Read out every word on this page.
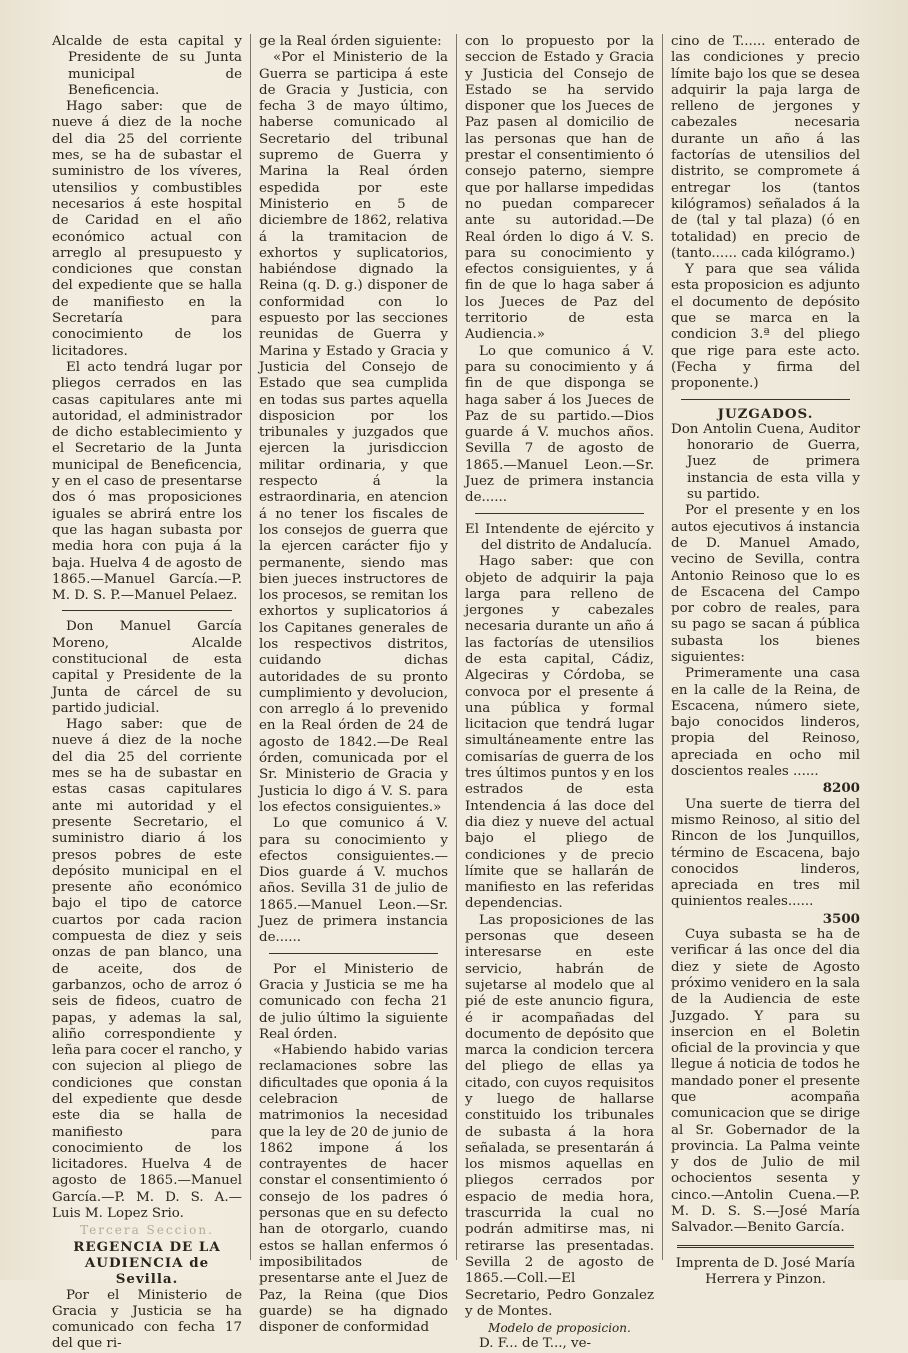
Alcalde de esta capital y Presidente de su Junta municipal de Beneficencia.

Hago saber: que de nueve á diez de la noche del dia 25 del corriente mes, se ha de subastar el suministro de los víveres, utensilios y combustibles necesarios á este hospital de Caridad en el año económico actual con arreglo al presupuesto y condiciones que constan del expediente que se halla de manifiesto en la Secretaría para conocimiento de los licitadores.

El acto tendrá lugar por pliegos cerrados en las casas capitulares ante mi autoridad, el administrador de dicho establecimiento y el Secretario de la Junta municipal de Beneficencia, y en el caso de presentarse dos ó mas proposiciones iguales se abrirá entre los que las hagan subasta por media hora con puja á la baja. Huelva 4 de agosto de 1865.—Manuel García.—P. M. D. S. P.—Manuel Pelaez.

Don Manuel García Moreno, Alcalde constitucional de esta capital y Presidente de la Junta de cárcel de su partido judicial.

Hago saber: que de nueve á diez de la noche del dia 25 del corriente mes se ha de subastar en estas casas capitulares ante mi autoridad y el presente Secretario, el suministro diario á los presos pobres de este depósito municipal en el presente año económico bajo el tipo de catorce cuartos por cada racion compuesta de diez y seis onzas de pan blanco, una de aceite, dos de garbanzos, ocho de arroz ó seis de fideos, cuatro de papas, y ademas la sal, aliño correspondiente y leña para cocer el rancho, y con sujecion al pliego de condiciones que constan del expediente que desde este dia se halla de manifiesto para conocimiento de los licitadores. Huelva 4 de agosto de 1865.—Manuel García.—P. M. D. S. A.—Luis M. Lopez Srio.

Tercera Seccion.

REGENCIA DE LA AUDIENCIA de Sevilla.

Por el Ministerio de Gracia y Justicia se ha comunicado con fecha 17 del que ri-

ge la Real órden siguiente:

«Por el Ministerio de la Guerra se participa á este de Gracia y Justicia, con fecha 3 de mayo último, haberse comunicado al Secretario del tribunal supremo de Guerra y Marina la Real órden espedida por este Ministerio en 5 de diciembre de 1862, relativa á la tramitacion de exhortos y suplicatorios, habiéndose dignado la Reina (q. D. g.) disponer de conformidad con lo espuesto por las secciones reunidas de Guerra y Marina y Estado y Gracia y Justicia del Consejo de Estado que sea cumplida en todas sus partes aquella disposicion por los tribunales y juzgados que ejercen la jurisdiccion militar ordinaria, y que respecto á la estraordinaria, en atencion á no tener los fiscales de los consejos de guerra que la ejercen carácter fijo y permanente, siendo mas bien jueces instructores de los procesos, se remitan los exhortos y suplicatorios á los Capitanes generales de los respectivos distritos, cuidando dichas autoridades de su pronto cumplimiento y devolucion, con arreglo á lo prevenido en la Real órden de 24 de agosto de 1842.—De Real órden, comunicada por el Sr. Ministerio de Gracia y Justicia lo digo á V. S. para los efectos consiguientes.»

Lo que comunico á V. para su conocimiento y efectos consiguientes.—Dios guarde á V. muchos años. Sevilla 31 de julio de 1865.—Manuel Leon.—Sr. Juez de primera instancia de......

Por el Ministerio de Gracia y Justicia se me ha comunicado con fecha 21 de julio último la siguiente Real órden.

«Habiendo habido varias reclamaciones sobre las dificultades que oponia á la celebracion de matrimonios la necesidad que la ley de 20 de junio de 1862 impone á los contrayentes de hacer constar el consentimiento ó consejo de los padres ó personas que en su defecto han de otorgarlo, cuando estos se hallan enfermos ó imposibilitados de presentarse ante el Juez de Paz, la Reina (que Dios guarde) se ha dignado disponer de conformidad

con lo propuesto por la seccion de Estado y Gracia y Justicia del Consejo de Estado se ha servido disponer que los Jueces de Paz pasen al domicilio de las personas que han de prestar el consentimiento ó consejo paterno, siempre que por hallarse impedidas no puedan comparecer ante su autoridad.—De Real órden lo digo á V. S. para su conocimiento y efectos consiguientes, y á fin de que lo haga saber á los Jueces de Paz del territorio de esta Audiencia.»

Lo que comunico á V. para su conocimiento y á fin de que disponga se haga saber á los Jueces de Paz de su partido.—Dios guarde á V. muchos años. Sevilla 7 de agosto de 1865.—Manuel Leon.—Sr. Juez de primera instancia de......

El Intendente de ejército y del distrito de Andalucía.

Hago saber: que con objeto de adquirir la paja larga para relleno de jergones y cabezales necesaria durante un año á las factorías de utensilios de esta capital, Cádiz, Algeciras y Córdoba, se convoca por el presente á una pública y formal licitacion que tendrá lugar simultáneamente entre las comisarías de guerra de los tres últimos puntos y en los estrados de esta Intendencia á las doce del dia diez y nueve del actual bajo el pliego de condiciones y de precio límite que se hallarán de manifiesto en las referidas dependencias.

Las proposiciones de las personas que deseen interesarse en este servicio, habrán de sujetarse al modelo que al pié de este anuncio figura, é ir acompañadas del documento de depósito que marca la condicion tercera del pliego de ellas ya citado, con cuyos requisitos y luego de hallarse constituido los tribunales de subasta á la hora señalada, se presentarán á los mismos aquellas en pliegos cerrados por espacio de media hora, trascurrida la cual no podrán admitirse mas, ni retirarse las presentadas. Sevilla 2 de agosto de 1865.—Coll.—El Secretario, Pedro Gonzalez y de Montes.

Modelo de proposicion.

D. F... de T..., ve-

cino de T...... enterado de las condiciones y precio límite bajo los que se desea adquirir la paja larga de relleno de jergones y cabezales necesaria durante un año á las factorías de utensilios del distrito, se compromete á entregar los (tantos kilógramos) señalados á la de (tal y tal plaza) (ó en totalidad) en precio de (tanto...... cada kilógramo.)

Y para que sea válida esta proposicion es adjunto el documento de depósito que se marca en la condicion 3.ª del pliego que rige para este acto. (Fecha y firma del proponente.)

JUZGADOS.

Don Antolin Cuena, Auditor honorario de Guerra, Juez de primera instancia de esta villa y su partido.

Por el presente y en los autos ejecutivos á instancia de D. Manuel Amado, vecino de Sevilla, contra Antonio Reinoso que lo es de Escacena del Campo por cobro de reales, para su pago se sacan á pública subasta los bienes siguientes:

Primeramente una casa en la calle de la Reina, de Escacena, número siete, bajo conocidos linderos, propia del Reinoso, apreciada en ocho mil doscientos reales ......

8200

Una suerte de tierra del mismo Reinoso, al sitio del Rincon de los Junquillos, término de Escacena, bajo conocidos linderos, apreciada en tres mil quinientos reales......

3500

Cuya subasta se ha de verificar á las once del dia diez y siete de Agosto próximo venidero en la sala de la Audiencia de este Juzgado. Y para su insercion en el Boletin oficial de la provincia y que llegue á noticia de todos he mandado poner el presente que acompaña comunicacion que se dirige al Sr. Gobernador de la provincia. La Palma veinte y dos de Julio de mil ochocientos sesenta y cinco.—Antolin Cuena.—P. M. D. S. S.—José María Salvador.—Benito García.

Imprenta de D. José María Herrera y Pinzon.
